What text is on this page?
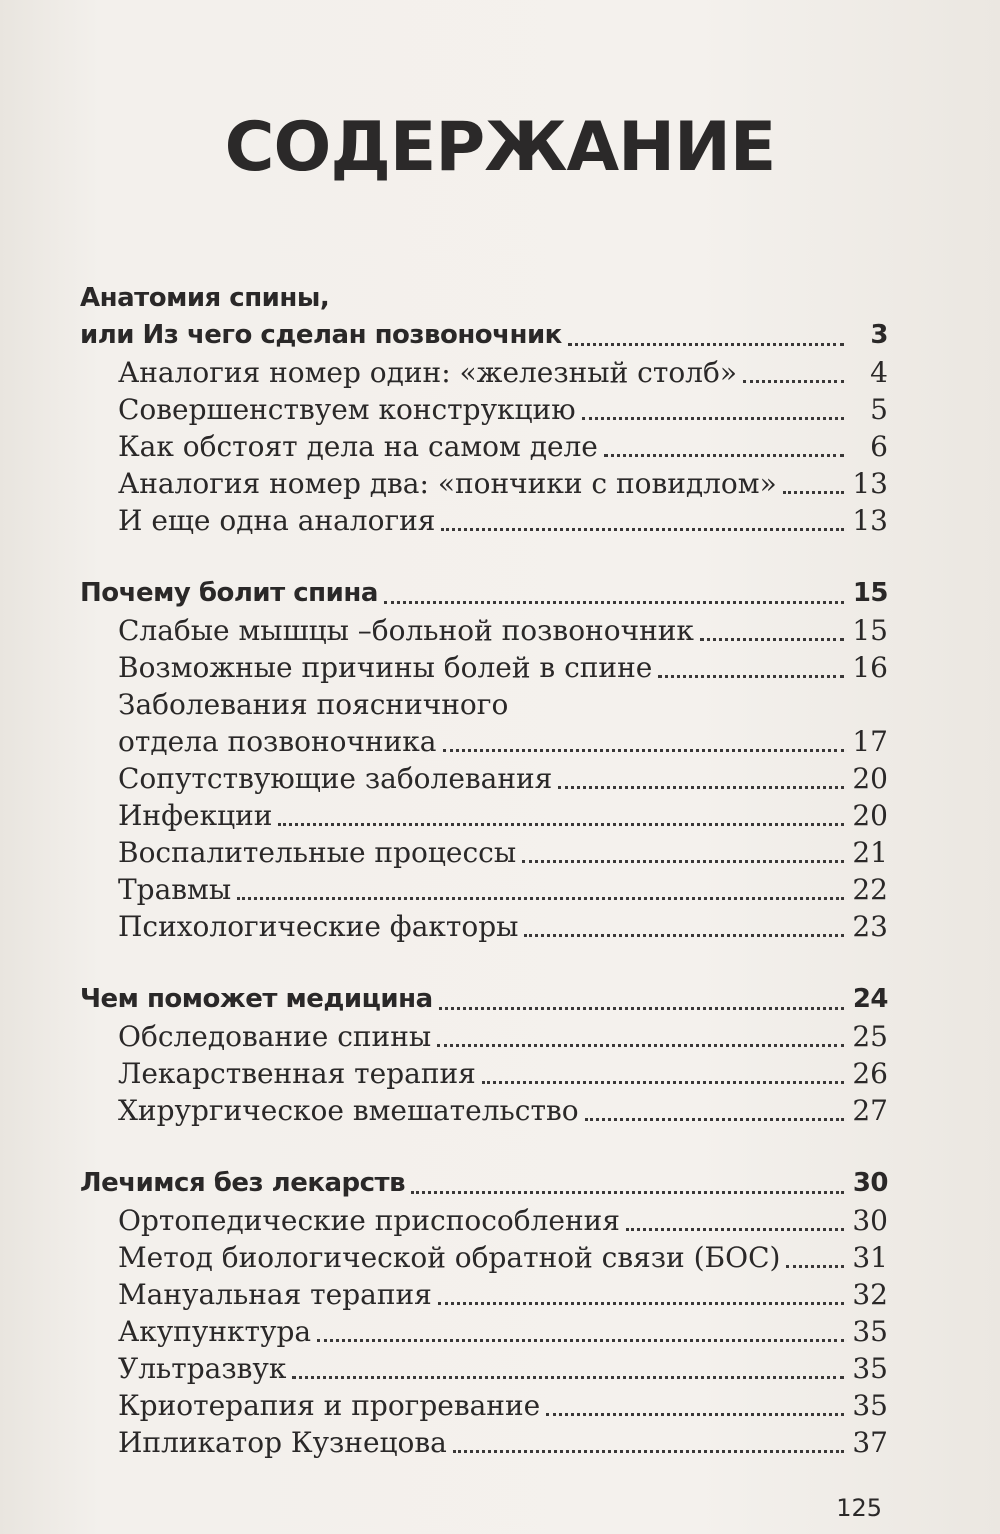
СОДЕРЖАНИЕ
Анатомия спины,
или Из чего сделан позвоночник	3
Аналогия номер один: «железный столб»	4
Совершенствуем конструкцию	5
Как обстоят дела на самом деле	6
Аналогия номер два: «пончики с повидлом»	13
И еще одна аналогия	13
Почему болит спина	15
Слабые мышцы –больной позвоночник	15
Возможные причины болей в спине	16
Заболевания поясничного
отдела позвоночника	17
Сопутствующие заболевания	20
Инфекции	20
Воспалительные процессы	21
Травмы	22
Психологические факторы	23
Чем поможет медицина	24
Обследование спины	25
Лекарственная терапия	26
Хирургическое вмешательство	27
Лечимся без лекарств	30
Ортопедические приспособления	30
Метод биологической обратной связи (БОС)	31
Мануальная терапия	32
Акупунктура	35
Ультразвук	35
Криотерапия и прогревание	35
Ипликатор Кузнецова	37
125
